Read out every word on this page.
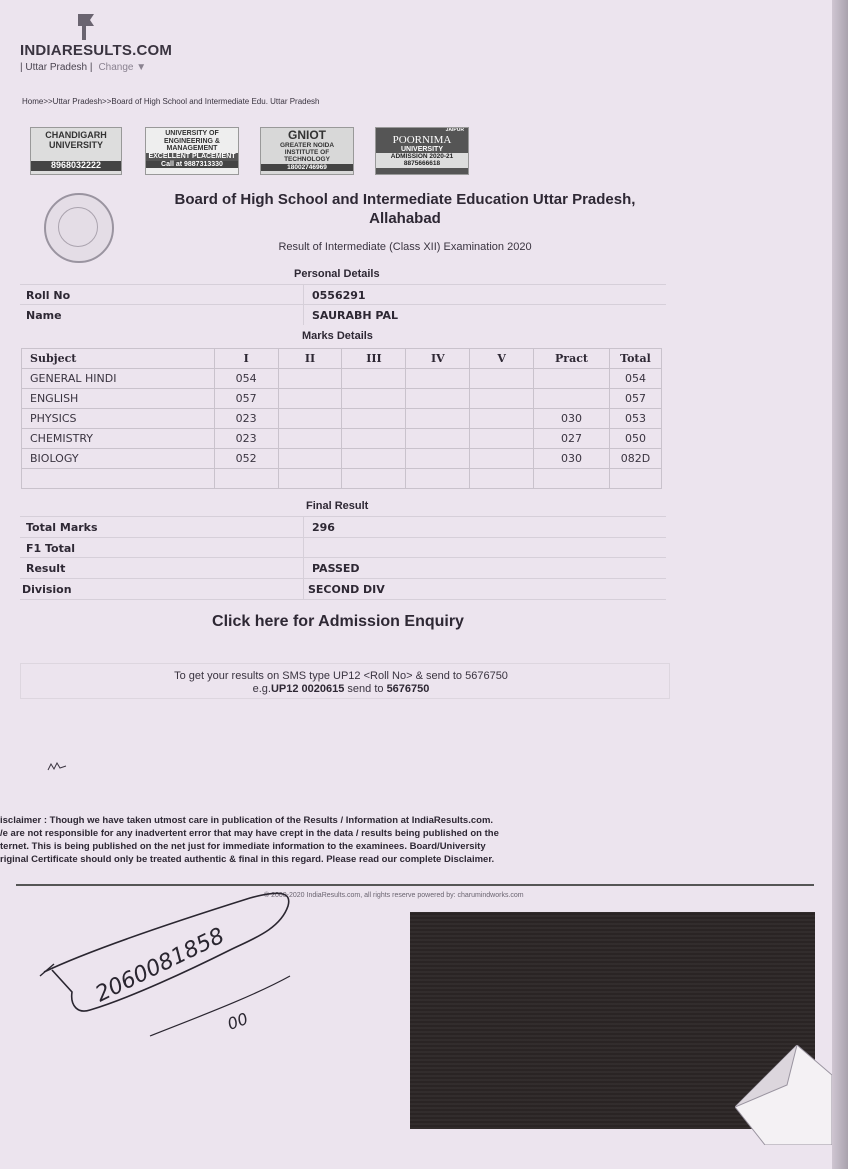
INDIARESULTS.COM
| Uttar Pradesh | Change ▼
Home>>Uttar Pradesh>>Board of High School and Intermediate Edu. Uttar Pradesh
CHANDIGARH
UNIVERSITY
8968032222
UNIVERSITY OF
ENGINEERING &
MANAGEMENT
EXCELLENT PLACEMENT
Call at 9887313330
GNIOT
GREATER NOIDA
INSTITUTE OF
TECHNOLOGY
18002746969
JAIPUR
POORNIMA
UNIVERSITY
ADMISSION 2020-21
8875666618
Board of High School and Intermediate Education Uttar Pradesh,
Allahabad
Result of Intermediate (Class XII) Examination 2020
Personal Details
Roll No	0556291
Name	SAURABH PAL
Marks Details
Subject	I	II	III	IV	V	Pract	Total
GENERAL HINDI	054						054
ENGLISH	057						057
PHYSICS	023					030	053
CHEMISTRY	023					027	050
BIOLOGY	052					030	082D

Final Result
Total Marks	296
F1 Total
Result	PASSED
Division	SECOND DIV
Click here for Admission Enquiry
To get your results on SMS type UP12 <Roll No> & send to 5676750
e.g.UP12 0020615 send to 5676750
isclaimer : Though we have taken utmost care in publication of the Results / Information at IndiaResults.com.
/e are not responsible for any inadvertent error that may have crept in the data / results being published on the
ternet. This is being published on the net just for immediate information to the examinees. Board/University
riginal Certificate should only be treated authentic & final in this regard. Please read our complete Disclaimer.
© 2000-2020 IndiaResults.com, all rights reserve powered by: charumindworks.com
2060081858
00
